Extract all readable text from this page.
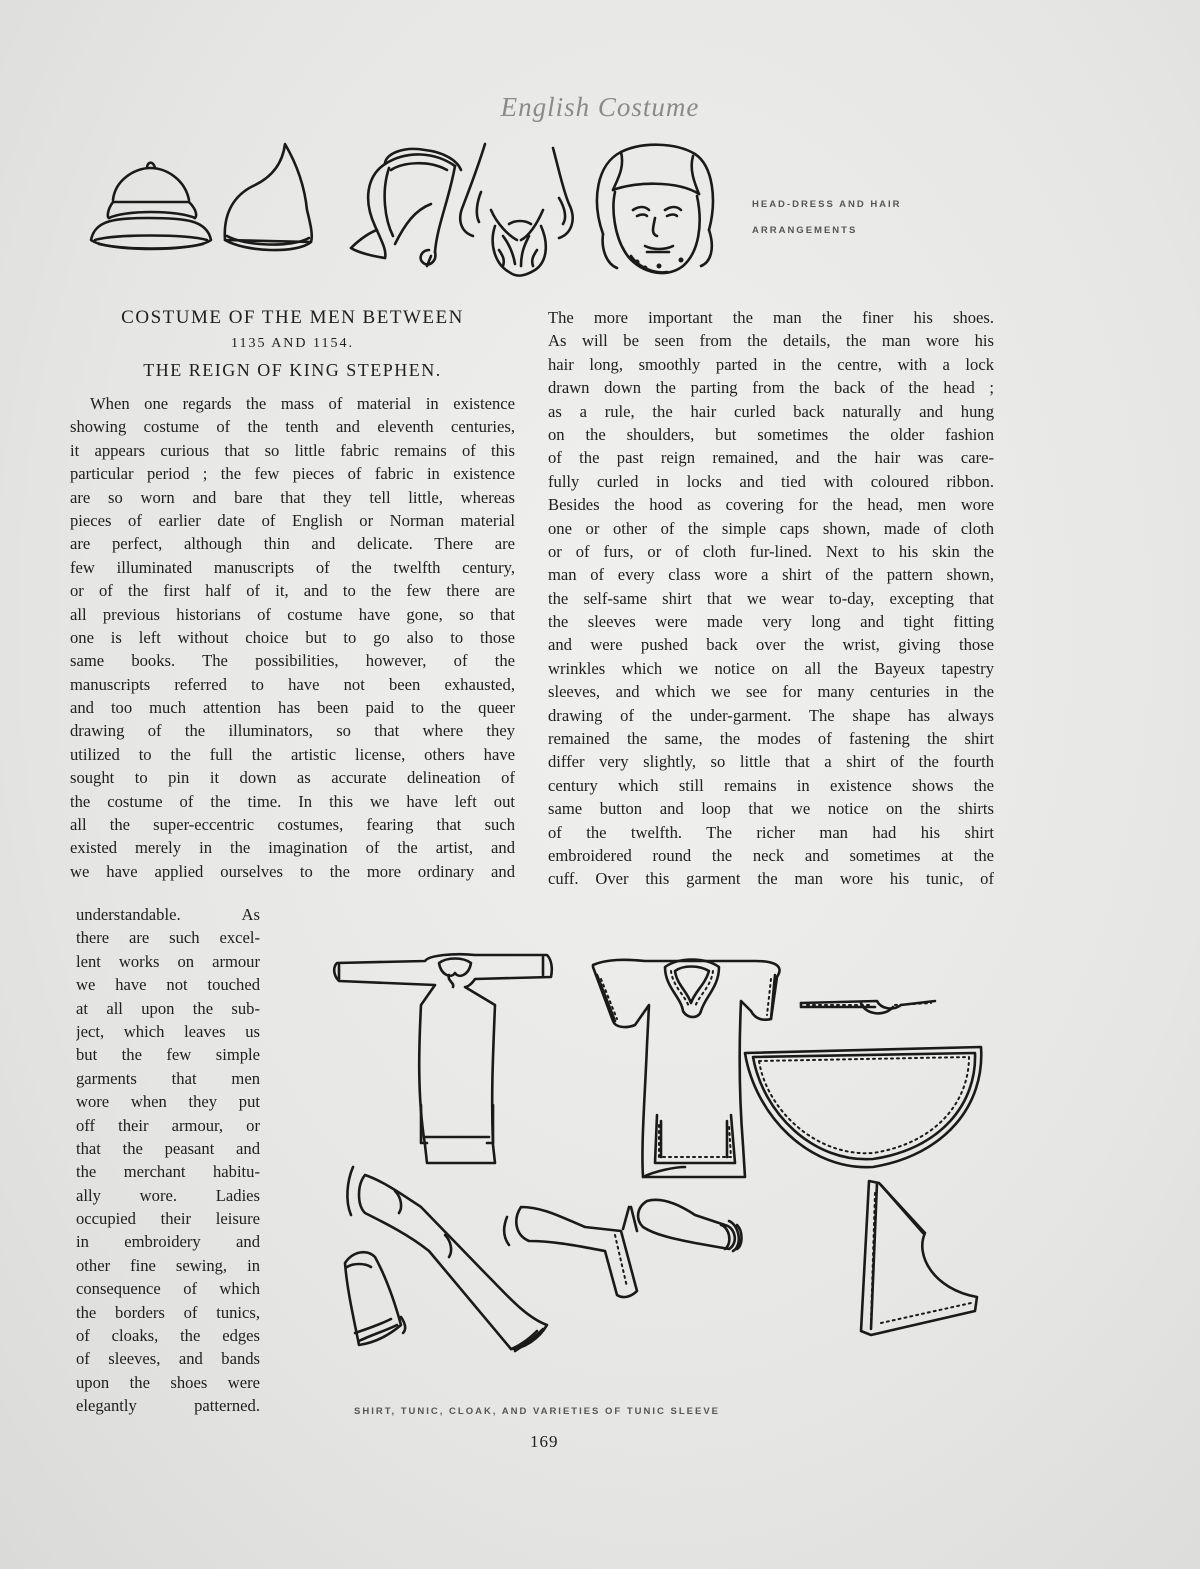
English Costume
HEAD-DRESS AND HAIR
ARRANGEMENTS
COSTUME OF THE MEN BETWEEN
1135 AND 1154.
THE REIGN OF KING STEPHEN.
When one regards the mass of material in existence
showing costume of the tenth and eleventh centuries,
it appears curious that so little fabric remains of this
particular period ; the few pieces of fabric in existence
are so worn and bare that they tell little, whereas
pieces of earlier date of English or Norman material
are perfect, although thin and delicate. There are
few illuminated manuscripts of the twelfth century,
or of the first half of it, and to the few there are
all previous historians of costume have gone, so that
one is left without choice but to go also to those
same books. The possibilities, however, of the
manuscripts referred to have not been exhausted,
and too much attention has been paid to the queer
drawing of the illuminators, so that where they
utilized to the full the artistic license, others have
sought to pin it down as accurate delineation of
the costume of the time. In this we have left out
all the super-eccentric costumes, fearing that such
existed merely in the imagination of the artist, and
we have applied ourselves to the more ordinary and
understandable. As
there are such excel-
lent works on armour
we have not touched
at all upon the sub-
ject, which leaves us
but the few simple
garments that men
wore when they put
off their armour, or
that the peasant and
the merchant habitu-
ally wore. Ladies
occupied their leisure
in embroidery and
other fine sewing, in
consequence of which
the borders of tunics,
of cloaks, the edges
of sleeves, and bands
upon the shoes were
elegantly patterned.
The more important the man the finer his shoes.
As will be seen from the details, the man wore his
hair long, smoothly parted in the centre, with a lock
drawn down the parting from the back of the head ;
as a rule, the hair curled back naturally and hung
on the shoulders, but sometimes the older fashion
of the past reign remained, and the hair was care-
fully curled in locks and tied with coloured ribbon.
Besides the hood as covering for the head, men wore
one or other of the simple caps shown, made of cloth
or of furs, or of cloth fur-lined. Next to his skin the
man of every class wore a shirt of the pattern shown,
the self-same shirt that we wear to-day, excepting that
the sleeves were made very long and tight fitting
and were pushed back over the wrist, giving those
wrinkles which we notice on all the Bayeux tapestry
sleeves, and which we see for many centuries in the
drawing of the under-garment. The shape has always
remained the same, the modes of fastening the shirt
differ very slightly, so little that a shirt of the fourth
century which still remains in existence shows the
same button and loop that we notice on the shirts
of the twelfth. The richer man had his shirt
embroidered round the neck and sometimes at the
cuff. Over this garment the man wore his tunic, of
SHIRT, TUNIC, CLOAK, AND VARIETIES OF TUNIC SLEEVE
169
